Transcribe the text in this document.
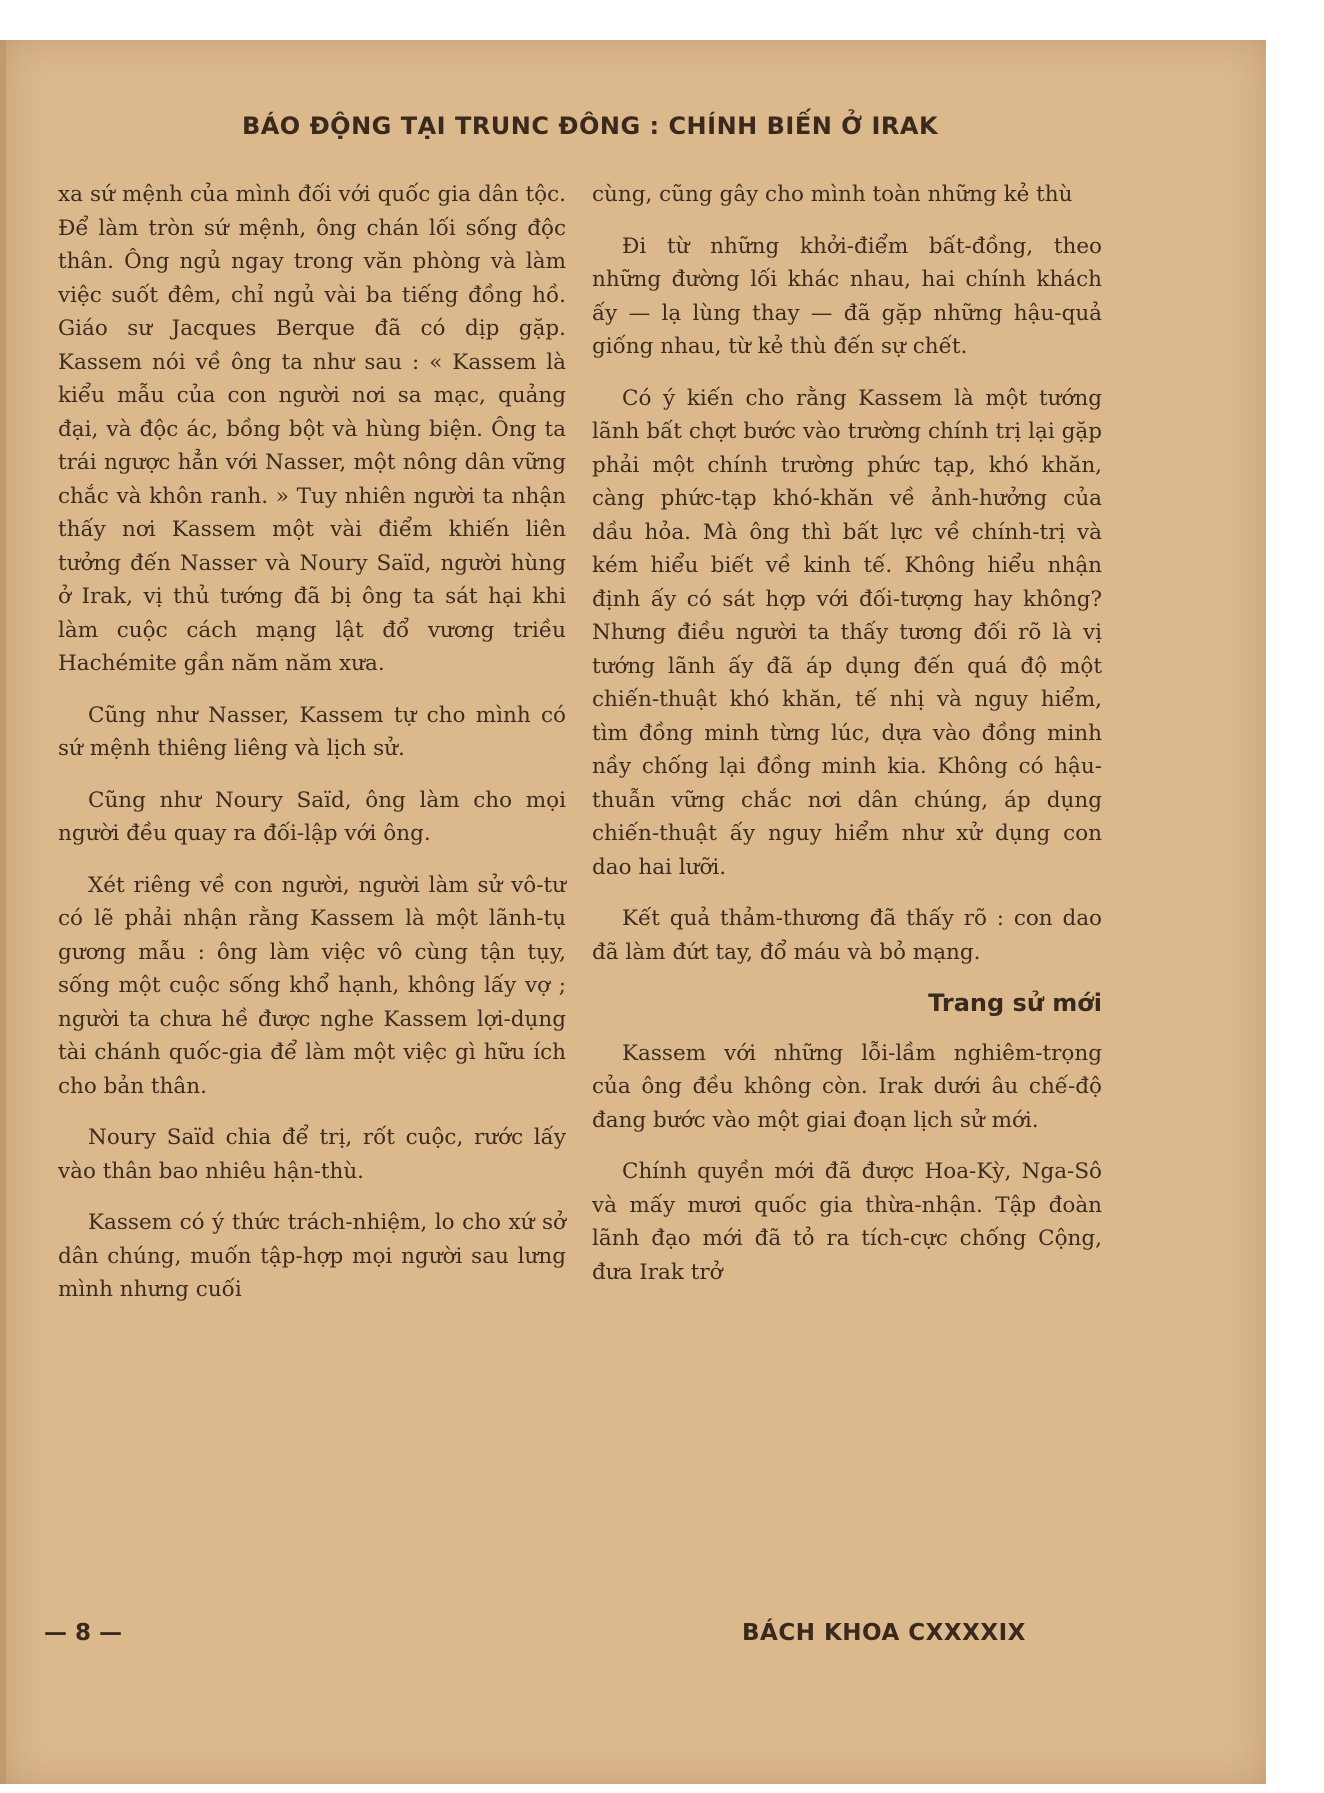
BÁO ĐỘNG TẠI TRUNC ĐÔNG : CHÍNH BIẾN Ở IRAK

xa sứ mệnh của mình đối với quốc gia dân tộc. Để làm tròn sứ mệnh, ông chán lối sống độc thân. Ông ngủ ngay trong văn phòng và làm việc suốt đêm, chỉ ngủ vài ba tiếng đồng hồ. Giáo sư Jacques Berque đã có dịp gặp. Kassem nói về ông ta như sau : « Kassem là kiểu mẫu của con người nơi sa mạc, quảng đại, và độc ác, bồng bột và hùng biện. Ông ta trái ngược hẳn với Nasser, một nông dân vững chắc và khôn ranh. » Tuy nhiên người ta nhận thấy nơi Kassem một vài điểm khiến liên tưởng đến Nasser và Noury Saïd, người hùng ở Irak, vị thủ tướng đã bị ông ta sát hại khi làm cuộc cách mạng lật đổ vương triều Hachémite gần năm năm xưa.

Cũng như Nasser, Kassem tự cho mình có sứ mệnh thiêng liêng và lịch sử.

Cũng như Noury Saïd, ông làm cho mọi người đều quay ra đối-lập với ông.

Xét riêng về con người, người làm sử vô-tư có lẽ phải nhận rằng Kassem là một lãnh-tụ gương mẫu : ông làm việc vô cùng tận tụy, sống một cuộc sống khổ hạnh, không lấy vợ ; người ta chưa hề được nghe Kassem lợi-dụng tài chánh quốc-gia để làm một việc gì hữu ích cho bản thân.

Noury Saïd chia để trị, rốt cuộc, rước lấy vào thân bao nhiêu hận-thù.

Kassem có ý thức trách-nhiệm, lo cho xứ sở dân chúng, muốn tập-hợp mọi người sau lưng mình nhưng cuối

cùng, cũng gây cho mình toàn những kẻ thù

Đi từ những khởi-điểm bất-đồng, theo những đường lối khác nhau, hai chính khách ấy — lạ lùng thay — đã gặp những hậu-quả giống nhau, từ kẻ thù đến sự chết.

Có ý kiến cho rằng Kassem là một tướng lãnh bất chợt bước vào trường chính trị lại gặp phải một chính trường phức tạp, khó khăn, càng phức-tạp khó-khăn về ảnh-hưởng của dầu hỏa. Mà ông thì bất lực về chính-trị và kém hiểu biết về kinh tế. Không hiểu nhận định ấy có sát hợp với đối-tượng hay không? Nhưng điều người ta thấy tương đối rõ là vị tướng lãnh ấy đã áp dụng đến quá độ một chiến-thuật khó khăn, tế nhị và nguy hiểm, tìm đồng minh từng lúc, dựa vào đồng minh nầy chống lại đồng minh kia. Không có hậu-thuẫn vững chắc nơi dân chúng, áp dụng chiến-thuật ấy nguy hiểm như xử dụng con dao hai lưỡi.

Kết quả thảm-thương đã thấy rõ : con dao đã làm đứt tay, đổ máu và bỏ mạng.

Trang sử mới

Kassem với những lỗi-lầm nghiêm-trọng của ông đều không còn. Irak dưới âu chế-độ đang bước vào một giai đoạn lịch sử mới.

Chính quyền mới đã được Hoa-Kỳ, Nga-Sô và mấy mươi quốc gia thừa-nhận. Tập đoàn lãnh đạo mới đã tỏ ra tích-cực chống Cộng, đưa Irak trở

— 8 —	BÁCH KHOA CXXXXIX
